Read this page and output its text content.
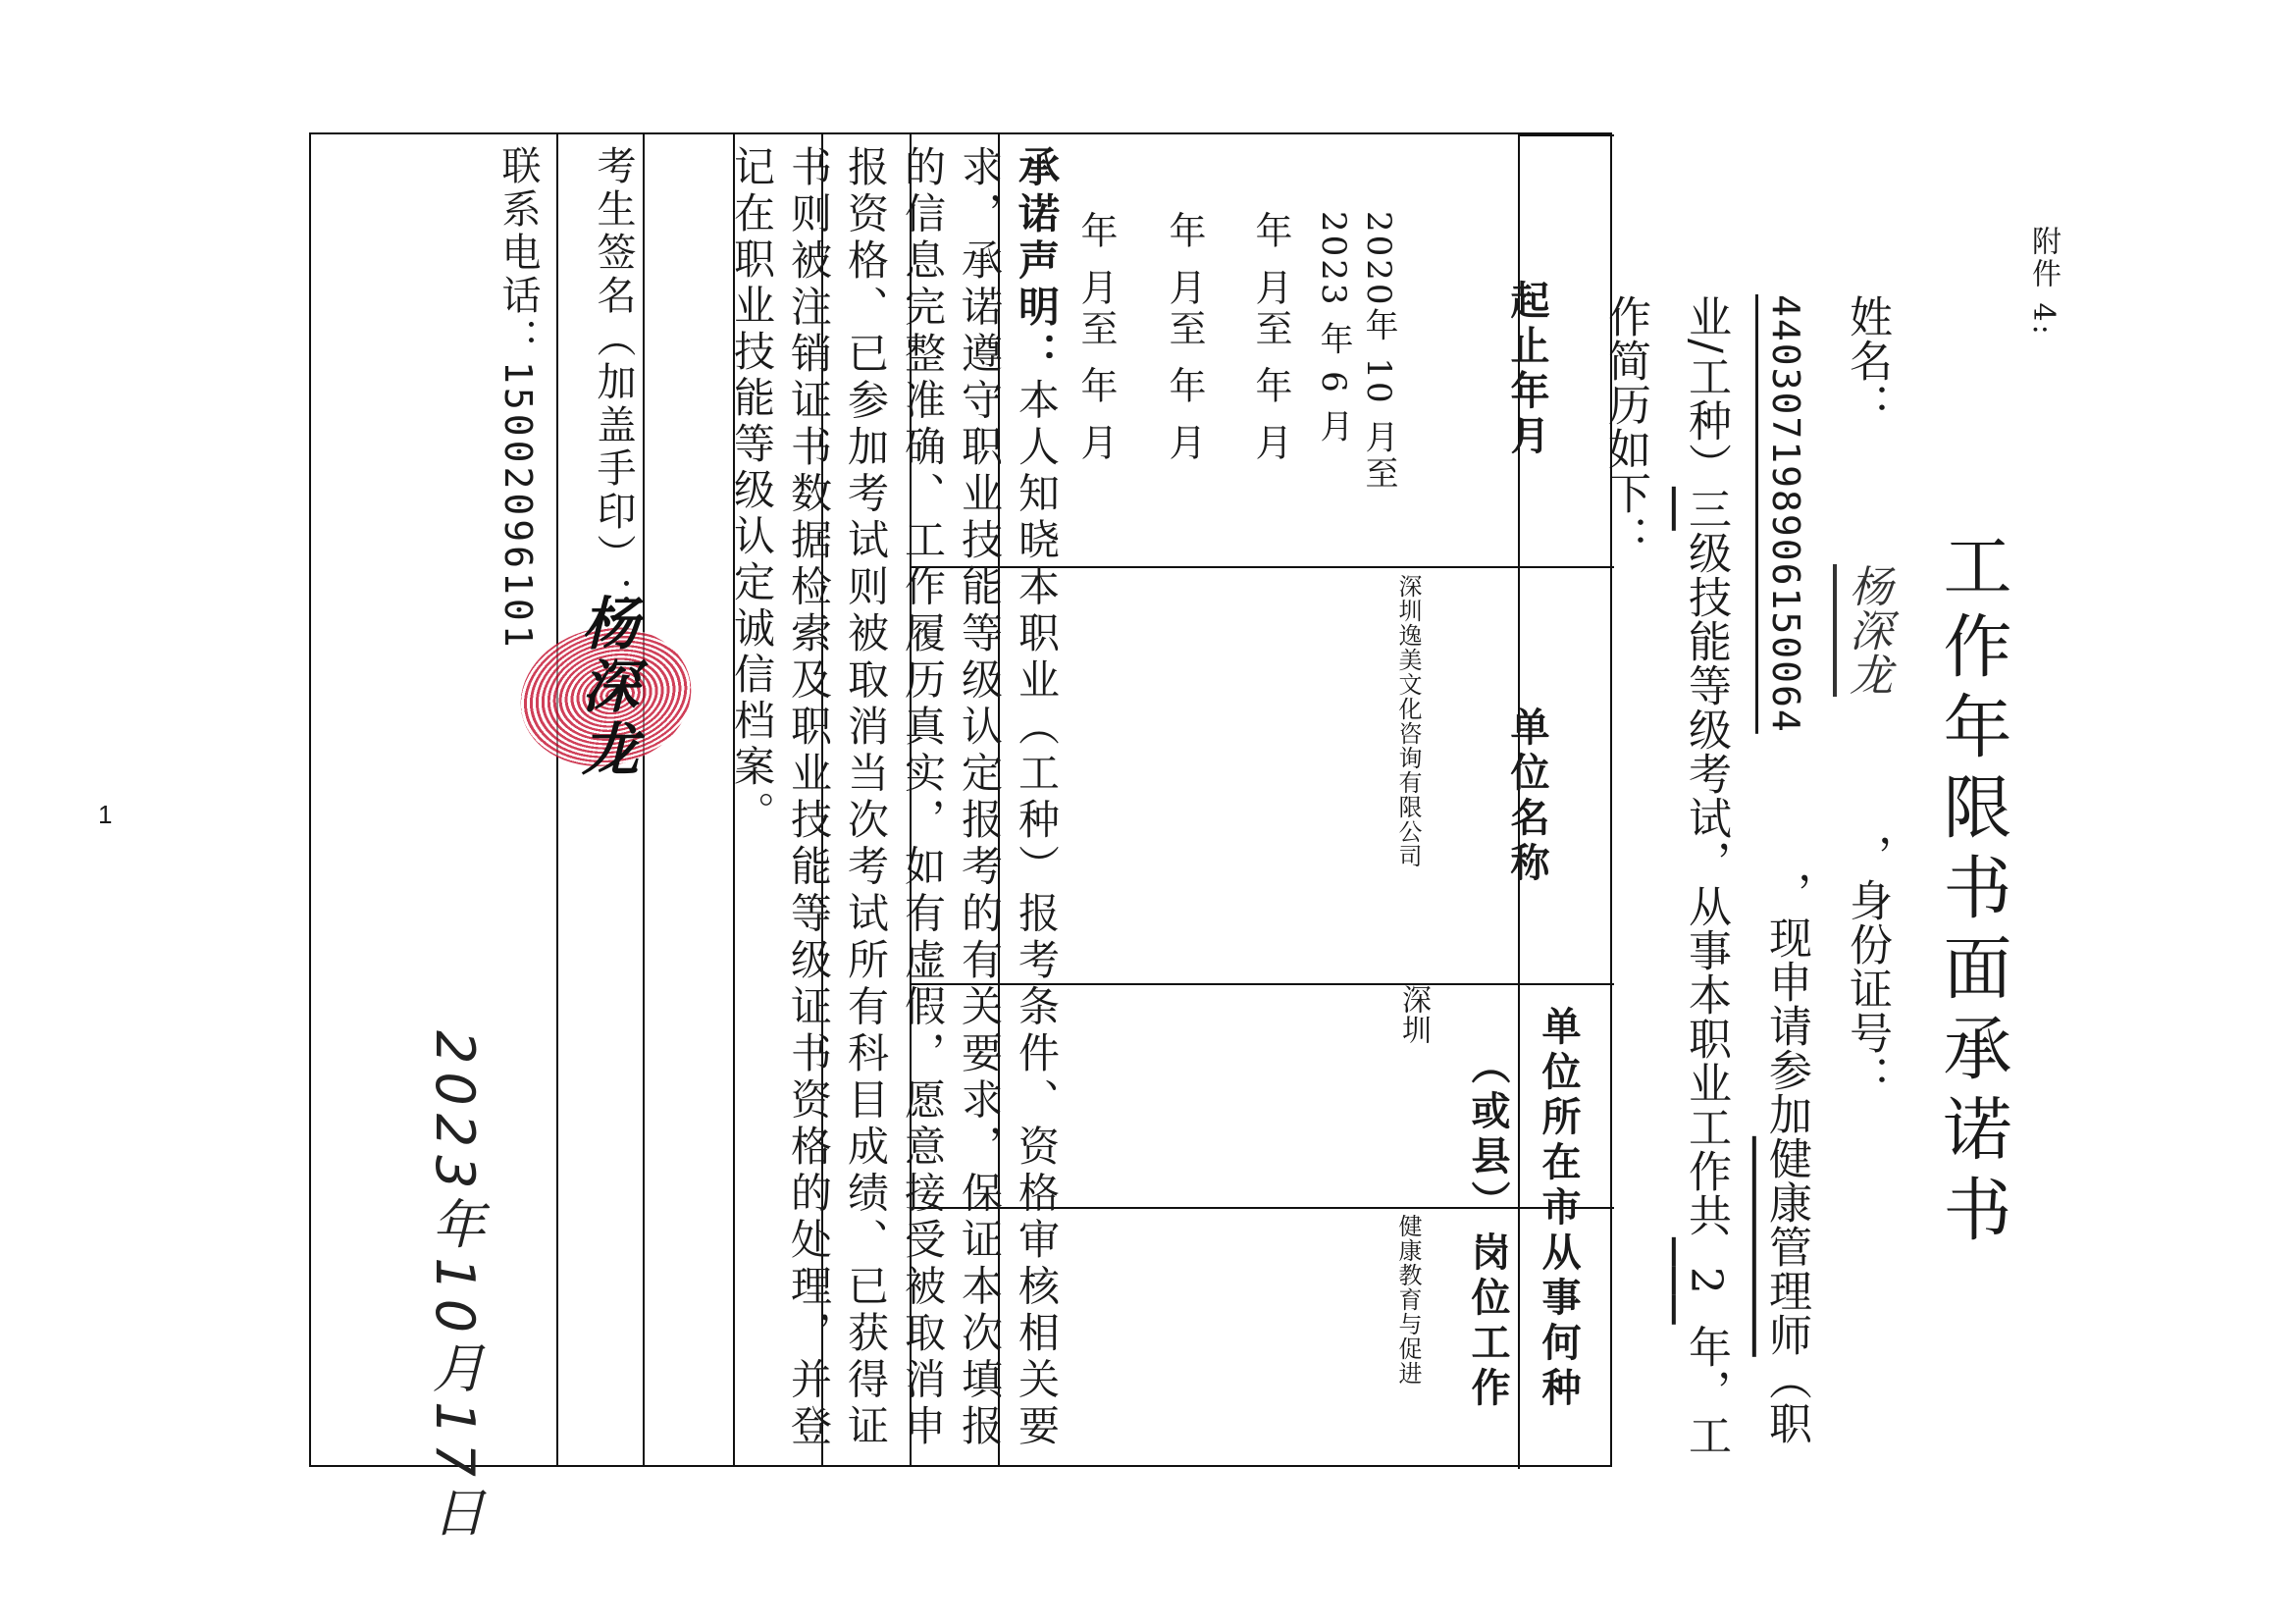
附件 4:
工作年限书面承诺书
姓名：杨深龙，身份证号：440307198906150064，现申请参加健康管理师（职业/工种）三级技能等级考试，从事本职业工作共  2  年，工作简历如下：
起止年月
单位名称
单位所在市
（或县）
从事何种
岗位工作
2020年 10 月至
2023 年 6 月
深圳逸美文化咨询有限公司
深圳
健康教育与促进
年 月至 年 月
年 月至 年 月
年 月至 年 月
承诺声明：本人知晓本职业（工种）报考条件、资格审核相关要求，承诺遵守职业技能等级认定报考的有关要求，保证本次填报的信息完整准确、工作履历真实，如有虚假，愿意接受被取消申报资格、已参加考试则被取消当次考试所有科目成绩、已获得证书则被注销证书数据检索及职业技能等级证书资格的处理，并登记在职业技能等级认定诚信档案。
考生签名（加盖手印）：
杨深龙
联系电话：15002096101
2023年10月17日
1
